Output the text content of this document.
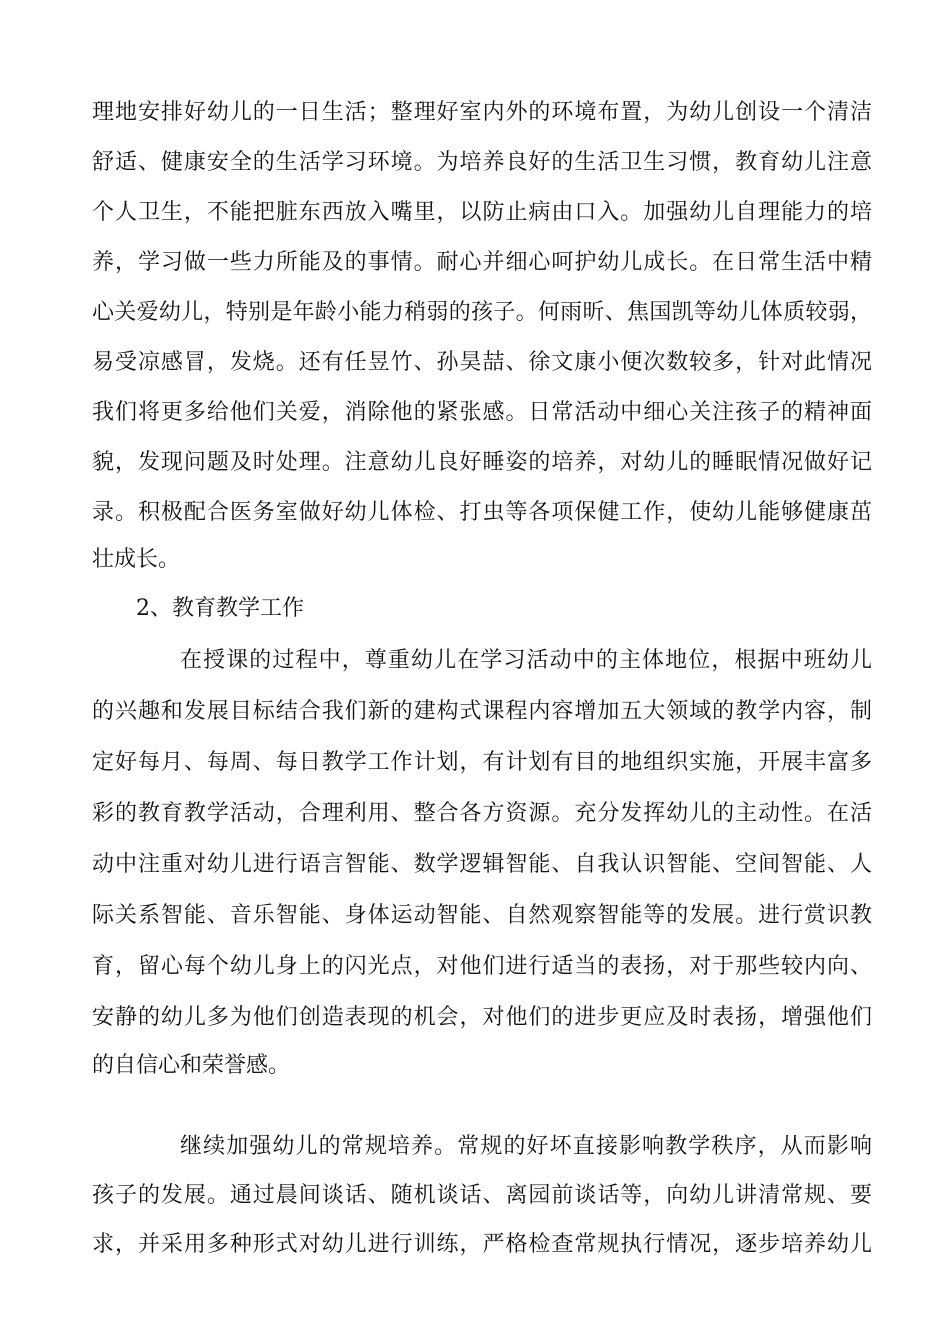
理地安排好幼儿的一日生活；整理好室内外的环境布置，为幼儿创设一个清洁
舒适、健康安全的生活学习环境。为培养良好的生活卫生习惯，教育幼儿注意
个人卫生，不能把脏东西放入嘴里，以防止病由口入。加强幼儿自理能力的培
养，学习做一些力所能及的事情。耐心并细心呵护幼儿成长。在日常生活中精
心关爱幼儿，特别是年龄小能力稍弱的孩子。何雨昕、焦国凯等幼儿体质较弱，
易受凉感冒，发烧。还有任昱竹、孙昊喆、徐文康小便次数较多，针对此情况
我们将更多给他们关爱，消除他的紧张感。日常活动中细心关注孩子的精神面
貌，发现问题及时处理。注意幼儿良好睡姿的培养，对幼儿的睡眠情况做好记
录。积极配合医务室做好幼儿体检、打虫等各项保健工作，使幼儿能够健康茁
壮成长。
2、教育教学工作
在授课的过程中，尊重幼儿在学习活动中的主体地位，根据中班幼儿
的兴趣和发展目标结合我们新的建构式课程内容增加五大领域的教学内容，制
定好每月、每周、每日教学工作计划，有计划有目的地组织实施，开展丰富多
彩的教育教学活动，合理利用、整合各方资源。充分发挥幼儿的主动性。在活
动中注重对幼儿进行语言智能、数学逻辑智能、自我认识智能、空间智能、人
际关系智能、音乐智能、身体运动智能、自然观察智能等的发展。进行赏识教
育，留心每个幼儿身上的闪光点，对他们进行适当的表扬，对于那些较内向、
安静的幼儿多为他们创造表现的机会，对他们的进步更应及时表扬，增强他们
的自信心和荣誉感。
继续加强幼儿的常规培养。常规的好坏直接影响教学秩序，从而影响
孩子的发展。通过晨间谈话、随机谈话、离园前谈话等，向幼儿讲清常规、要
求，并采用多种形式对幼儿进行训练，严格检查常规执行情况，逐步培养幼儿
